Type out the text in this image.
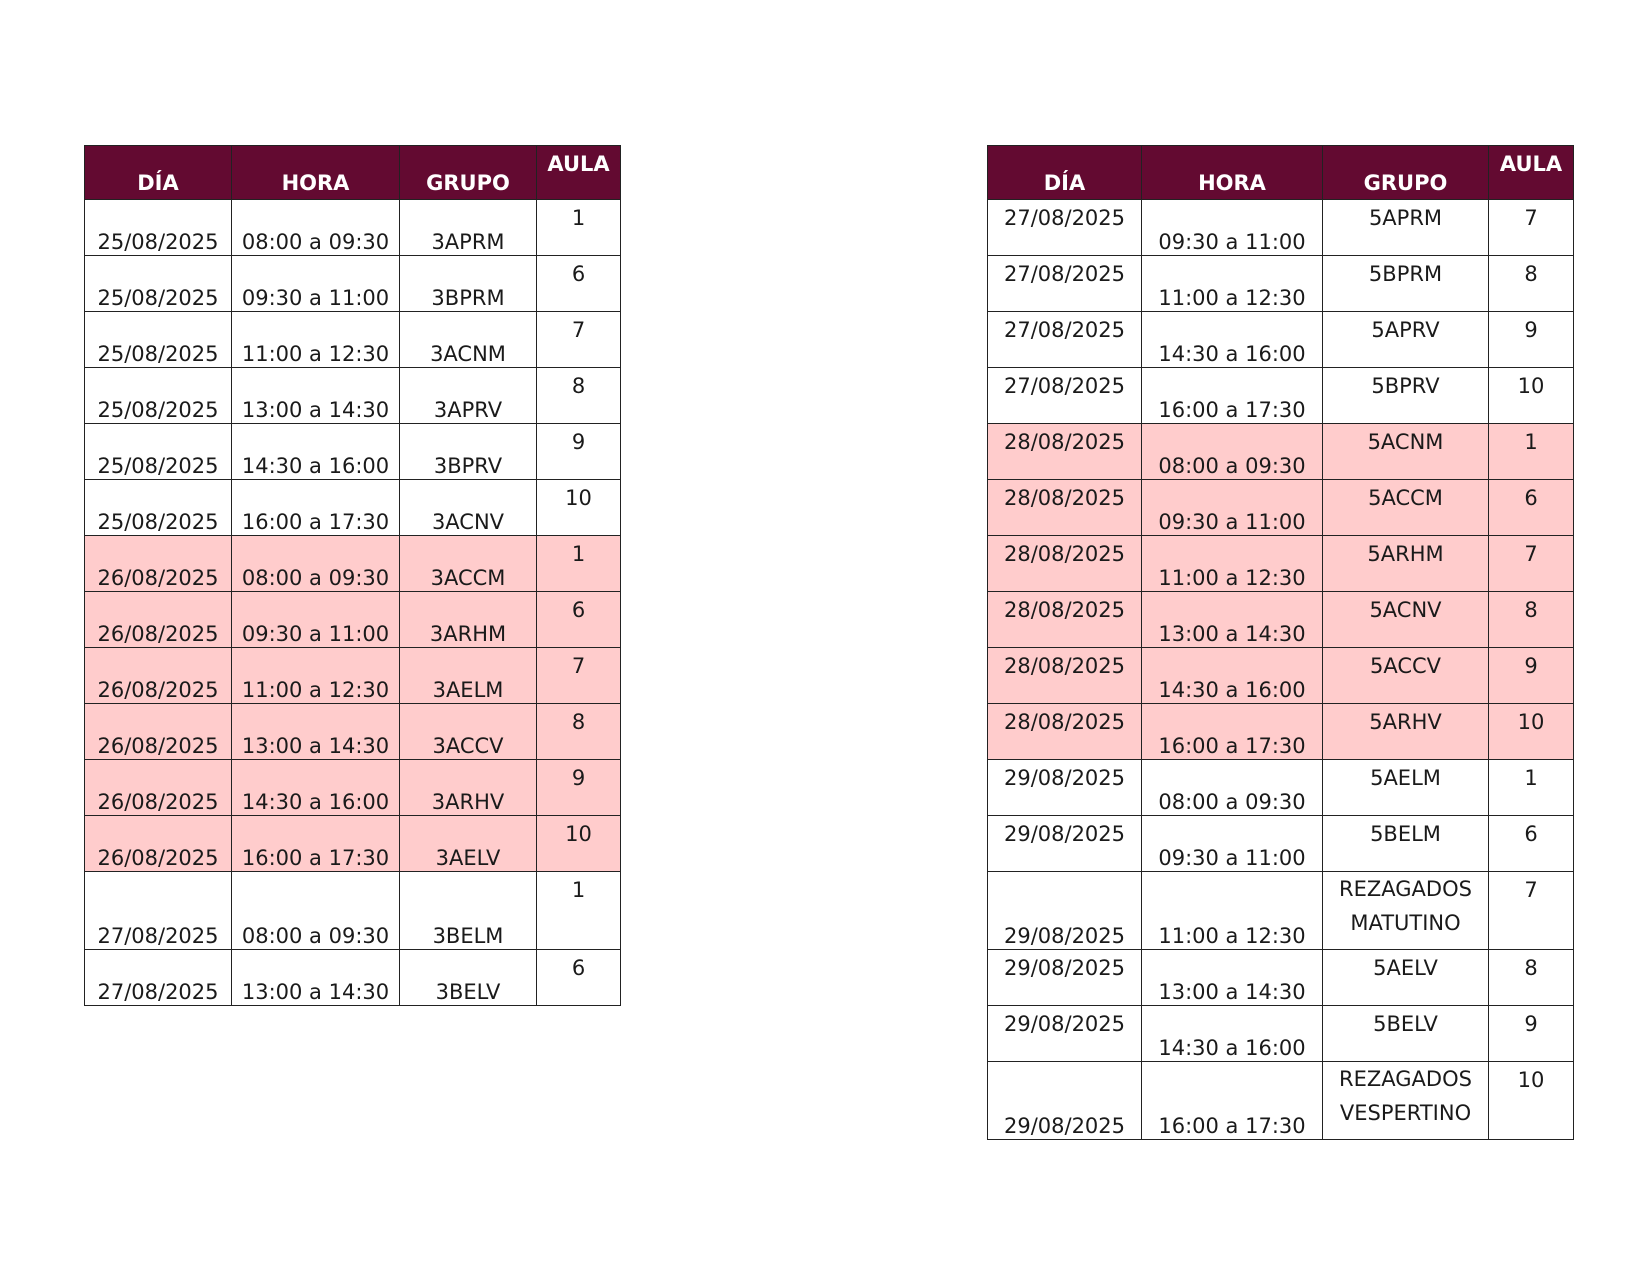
DÍA	HORA	GRUPO	AULA
25/08/2025	08:00 a 09:30	3APRM	1
25/08/2025	09:30 a 11:00	3BPRM	6
25/08/2025	11:00 a 12:30	3ACNM	7
25/08/2025	13:00 a 14:30	3APRV	8
25/08/2025	14:30 a 16:00	3BPRV	9
25/08/2025	16:00 a 17:30	3ACNV	10
26/08/2025	08:00 a 09:30	3ACCM	1
26/08/2025	09:30 a 11:00	3ARHM	6
26/08/2025	11:00 a 12:30	3AELM	7
26/08/2025	13:00 a 14:30	3ACCV	8
26/08/2025	14:30 a 16:00	3ARHV	9
26/08/2025	16:00 a 17:30	3AELV	10
27/08/2025	08:00 a 09:30	3BELM	1
27/08/2025	13:00 a 14:30	3BELV	6
DÍA	HORA	GRUPO	AULA
27/08/2025	09:30 a 11:00	5APRM	7
27/08/2025	11:00 a 12:30	5BPRM	8
27/08/2025	14:30 a 16:00	5APRV	9
27/08/2025	16:00 a 17:30	5BPRV	10
28/08/2025	08:00 a 09:30	5ACNM	1
28/08/2025	09:30 a 11:00	5ACCM	6
28/08/2025	11:00 a 12:30	5ARHM	7
28/08/2025	13:00 a 14:30	5ACNV	8
28/08/2025	14:30 a 16:00	5ACCV	9
28/08/2025	16:00 a 17:30	5ARHV	10
29/08/2025	08:00 a 09:30	5AELM	1
29/08/2025	09:30 a 11:00	5BELM	6
29/08/2025	11:00 a 12:30	REZAGADOS MATUTINO	7
29/08/2025	13:00 a 14:30	5AELV	8
29/08/2025	14:30 a 16:00	5BELV	9
29/08/2025	16:00 a 17:30	REZAGADOS VESPERTINO	10
